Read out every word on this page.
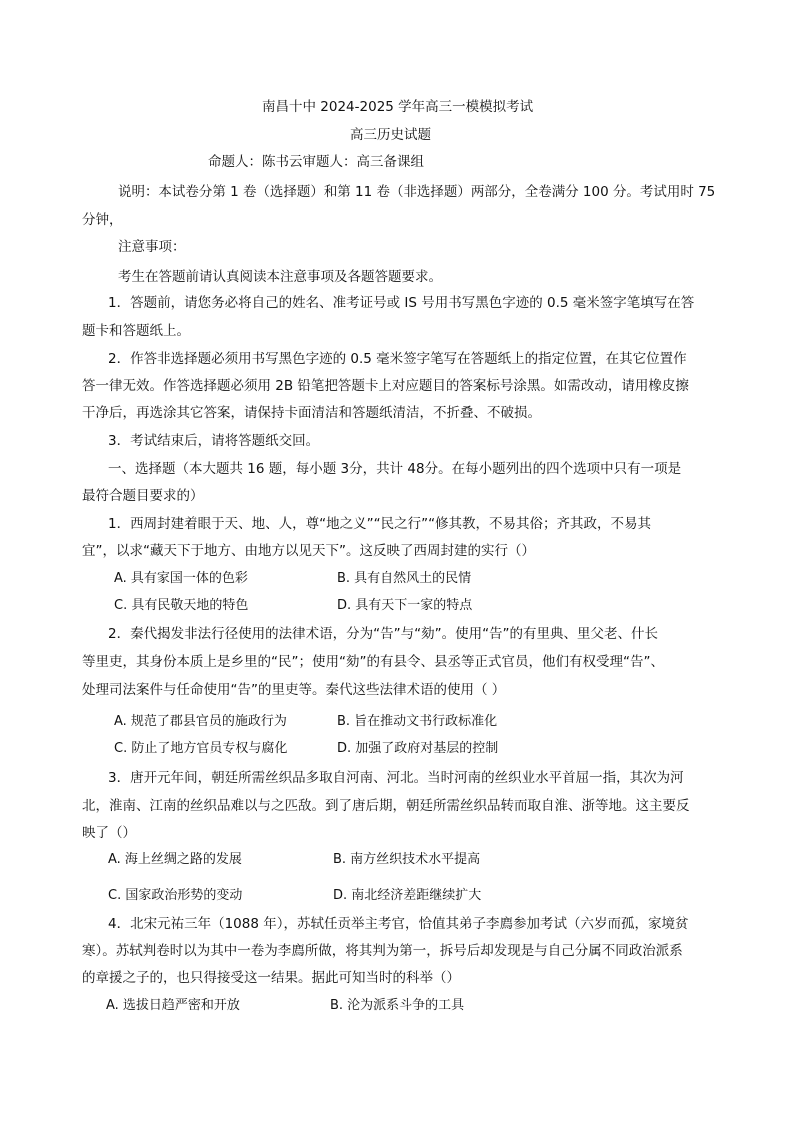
南昌十中 2024-2025 学年高三一模模拟考试

高三历史试题

命题人：陈书云审题人：高三备课组

说明：本试卷分第 1 卷（选择题）和第 11 卷（非选择题）两部分，全卷满分 100 分。考试用时 75

分钟，

注意事项：

考生在答题前请认真阅读本注意事项及各题答题要求。

1．答题前，请您务必将自己的姓名、准考证号或 IS 号用书写黑色字迹的 0.5 毫米签字笔填写在答

题卡和答题纸上。

2．作答非选择题必须用书写黑色字迹的 0.5 毫米签字笔写在答题纸上的指定位置，在其它位置作

答一律无效。作答选择题必须用 2B 铅笔把答题卡上对应题目的答案标号涂黑。如需改动，请用橡皮擦

干净后，再选涂其它答案，请保持卡面清洁和答题纸清洁，不折叠、不破损。

3．考试结束后，请将答题纸交回。

一、选择题（本大题共 16 题，每小题 3分，共计 48分。在每小题列出的四个选项中只有一项是

最符合题目要求的）

1．西周封建着眼于天、地、人，尊“地之义”“民之行”“修其教，不易其俗；齐其政，不易其

宜”，以求“藏天下于地方、由地方以见天下”。这反映了西周封建的实行（）

A. 具有家国一体的色彩	B. 具有自然风土的民情

C. 具有民敬天地的特色	D. 具有天下一家的特点

2．秦代揭发非法行径使用的法律术语，分为“告”与“劾”。使用“告”的有里典、里父老、什长

等里吏，其身份本质上是乡里的“民”；使用“劾”的有县令、县丞等正式官员，他们有权受理“告”、

处理司法案件与任命使用“告”的里吏等。秦代这些法律术语的使用（ ）

A. 规范了郡县官员的施政行为	B. 旨在推动文书行政标准化

C. 防止了地方官员专权与腐化	D. 加强了政府对基层的控制

3．唐开元年间，朝廷所需丝织品多取自河南、河北。当时河南的丝织业水平首屈一指，其次为河

北，淮南、江南的丝织品难以与之匹敌。到了唐后期，朝廷所需丝织品转而取自淮、浙等地。这主要反

映了（）

A. 海上丝绸之路的发展	B. 南方丝织技术水平提高

C. 国家政治形势的变动	D. 南北经济差距继续扩大

4．北宋元祐三年（1088 年），苏轼任贡举主考官，恰值其弟子李廌参加考试（六岁而孤，家境贫

寒）。苏轼判卷时以为其中一卷为李廌所做，将其判为第一，拆号后却发现是与自己分属不同政治派系

的章援之子的，也只得接受这一结果。据此可知当时的科举（）

A. 选拔日趋严密和开放	B. 沦为派系斗争的工具
